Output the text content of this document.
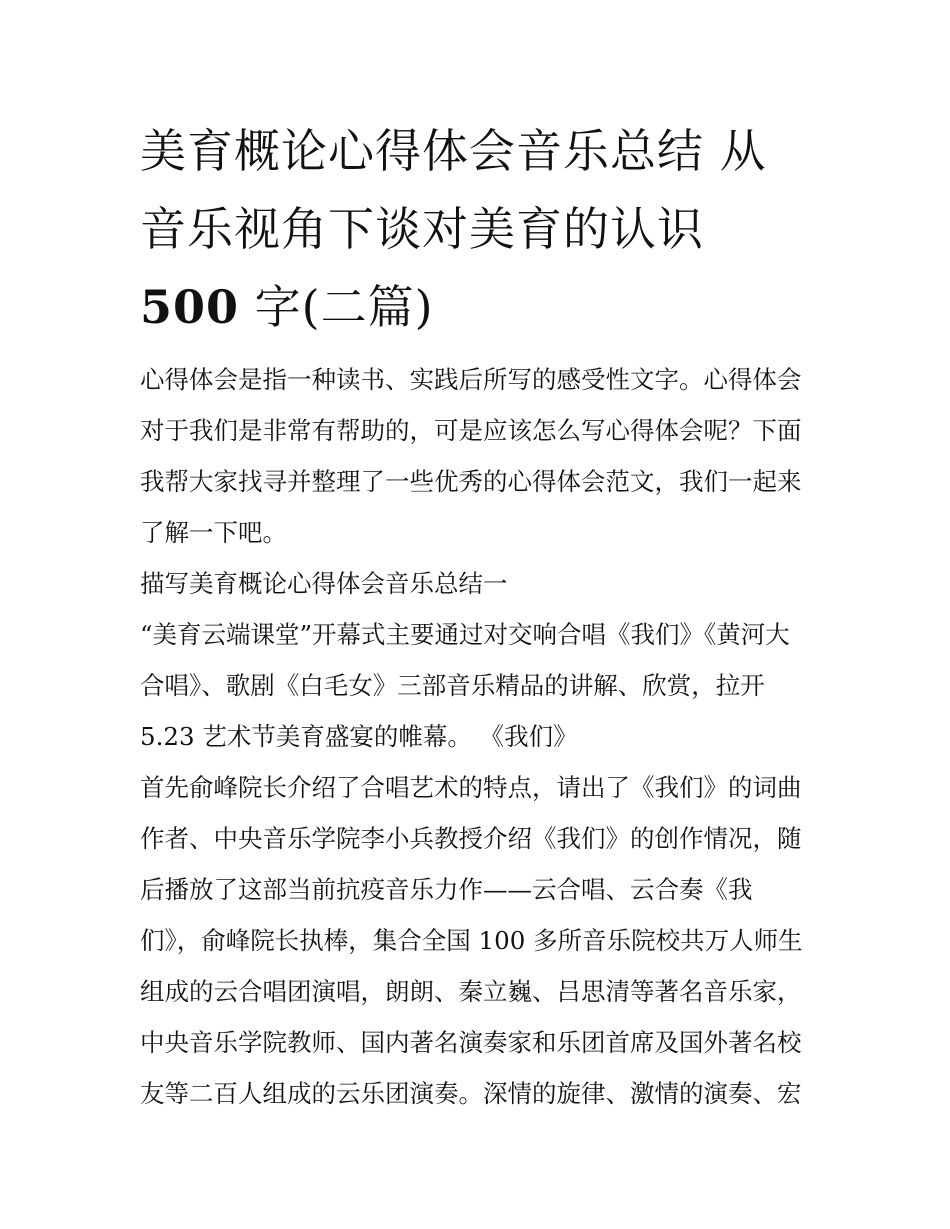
美育概论心得体会音乐总结 从
音乐视角下谈对美育的认识
500 字(二篇)
心得体会是指一种读书、实践后所写的感受性文字。心得体会
对于我们是非常有帮助的，可是应该怎么写心得体会呢？下面
我帮大家找寻并整理了一些优秀的心得体会范文，我们一起来
了解一下吧。
描写美育概论心得体会音乐总结一
“美育云端课堂”开幕式主要通过对交响合唱《我们》《黄河大
合唱》、歌剧《白毛女》三部音乐精品的讲解、欣赏，拉开
5.23 艺术节美育盛宴的帷幕。 《我们》
首先俞峰院长介绍了合唱艺术的特点，请出了《我们》的词曲
作者、中央音乐学院李小兵教授介绍《我们》的创作情况，随
后播放了这部当前抗疫音乐力作——云合唱、云合奏《我
们》，俞峰院长执棒，集合全国 100 多所音乐院校共万人师生
组成的云合唱团演唱，朗朗、秦立巍、吕思清等著名音乐家，
中央音乐学院教师、国内著名演奏家和乐团首席及国外著名校
友等二百人组成的云乐团演奏。深情的旋律、激情的演奏、宏
